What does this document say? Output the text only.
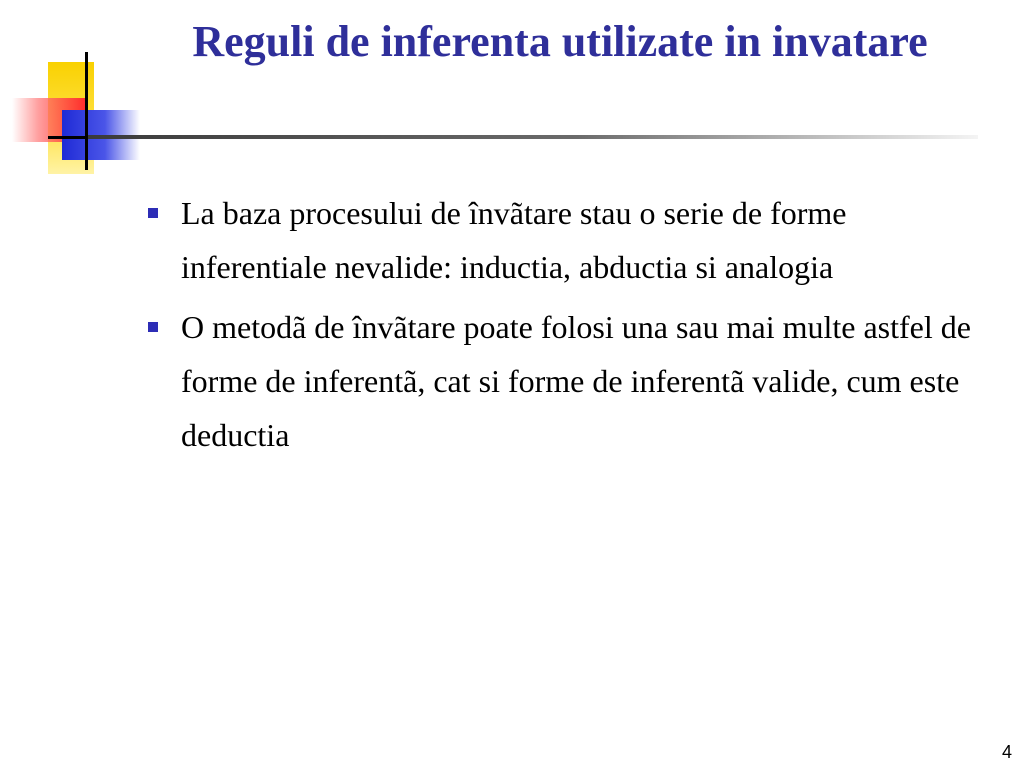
Reguli de inferenta utilizate in invatare
La baza procesului de învãtare stau o serie de forme inferentiale nevalide: inductia, abductia si analogia
O metodã de învãtare poate folosi una sau mai multe astfel de forme de inferentã, cat si forme de inferentã valide, cum este deductia
4
